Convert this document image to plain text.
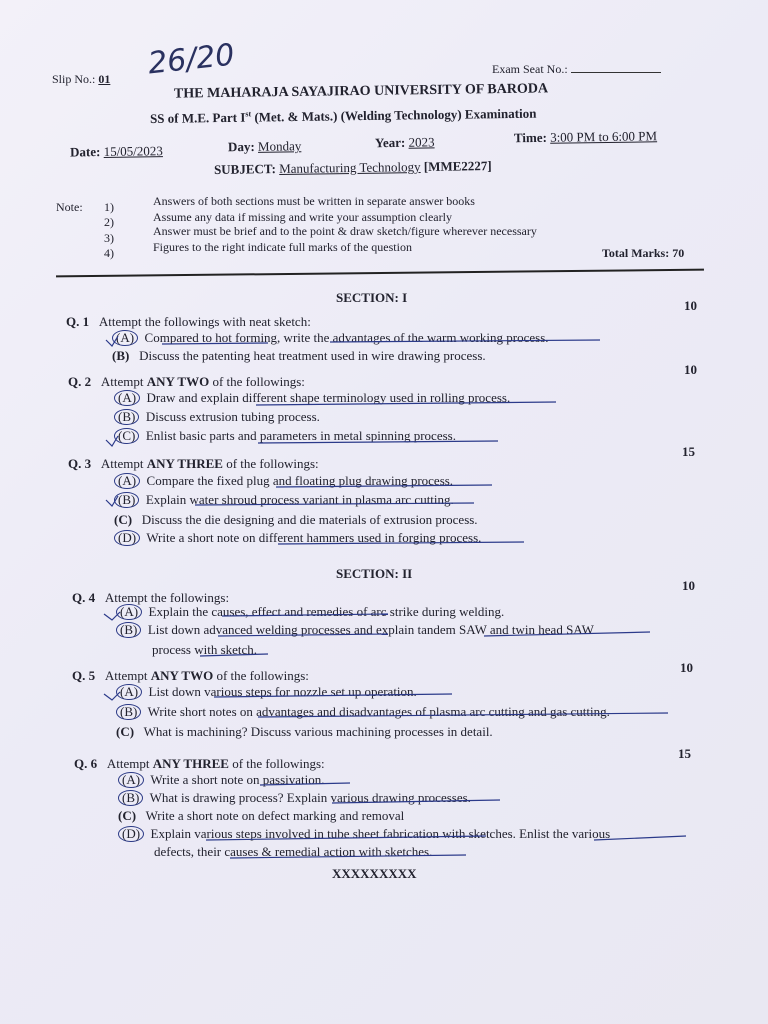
26/20
Slip No.: 01
Exam Seat No.:
THE MAHARAJA SAYAJIRAO UNIVERSITY OF BARODA
SS of M.E. Part Ist (Met. & Mats.) (Welding Technology) Examination
Date: 15/05/2023	Day: Monday	Year: 2023	Time: 3:00 PM to 6:00 PM
SUBJECT: Manufacturing Technology [MME2227]
Note: 1)	Answers of both sections must be written in separate answer books
2)	Assume any data if missing and write your assumption clearly
3)	Answer must be brief and to the point & draw sketch/figure wherever necessary
4)	Figures to the right indicate full marks of the question	Total Marks: 70
SECTION: I
10
Q. 1 Attempt the followings with neat sketch:
(A) Compared to hot forming, write the advantages of the warm working process.
(B) Discuss the patenting heat treatment used in wire drawing process.
10
Q. 2 Attempt ANY TWO of the followings:
(A) Draw and explain different shape terminology used in rolling process.
(B) Discuss extrusion tubing process.
(C) Enlist basic parts and parameters in metal spinning process.
15
Q. 3 Attempt ANY THREE of the followings:
(A) Compare the fixed plug and floating plug drawing process.
(B) Explain water shroud process variant in plasma arc cutting.
(C) Discuss the die designing and die materials of extrusion process.
(D) Write a short note on different hammers used in forging process.
SECTION: II
10
Q. 4 Attempt the followings:
(A) Explain the causes, effect and remedies of arc strike during welding.
(B) List down advanced welding processes and explain tandem SAW and twin head SAW
process with sketch.
10
Q. 5 Attempt ANY TWO of the followings:
(A) List down various steps for nozzle set up operation.
(B) Write short notes on advantages and disadvantages of plasma arc cutting and gas cutting.
(C) What is machining? Discuss various machining processes in detail.
15
Q. 6 Attempt ANY THREE of the followings:
(A) Write a short note on passivation.
(B) What is drawing process? Explain various drawing processes.
(C) Write a short note on defect marking and removal
(D) Explain various steps involved in tube sheet fabrication with sketches. Enlist the various
defects, their causes & remedial action with sketches.
XXXXXXXXX
